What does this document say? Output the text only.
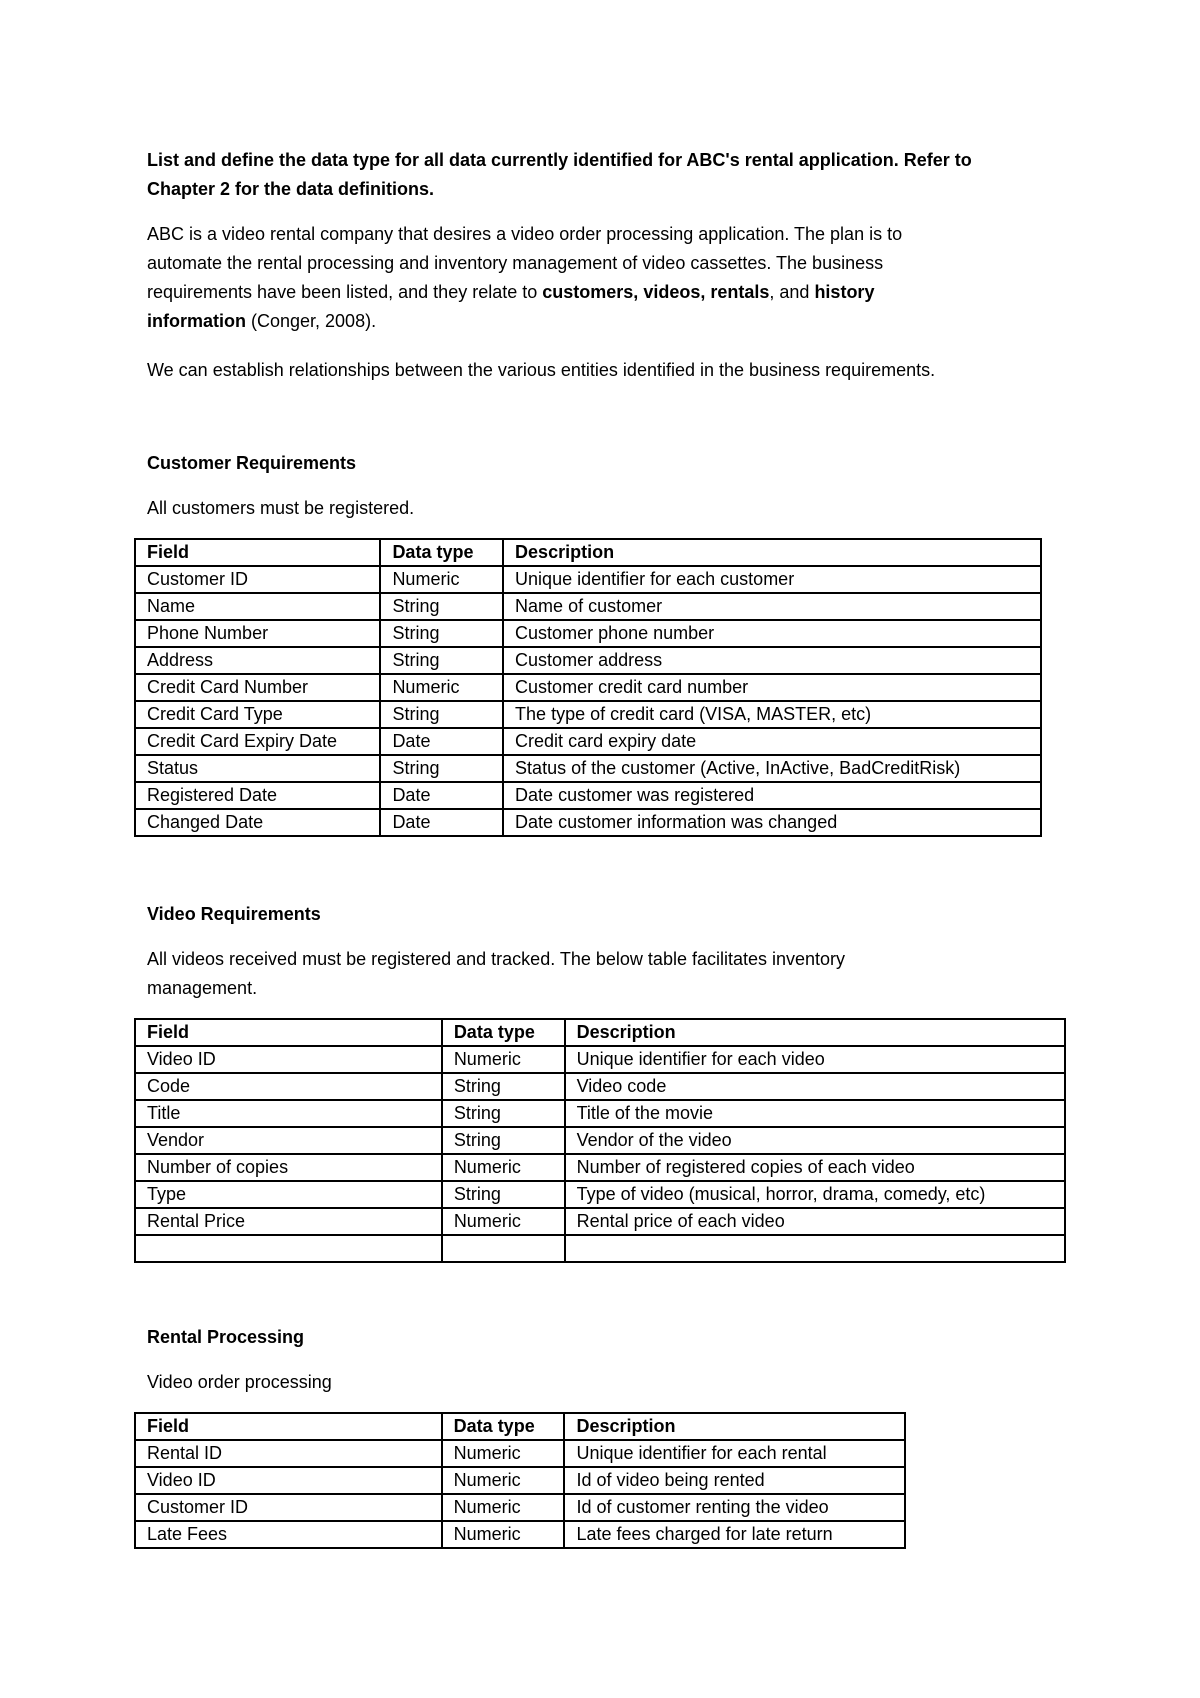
List and define the data type for all data currently identified for ABC's rental application. Refer to
Chapter 2 for the data definitions.

ABC is a video rental company that desires a video order processing application. The plan is to
automate the rental processing and inventory management of video cassettes. The business
requirements have been listed, and they relate to customers, videos, rentals, and history
information (Conger, 2008).

We can establish relationships between the various entities identified in the business requirements.

Customer Requirements

All customers must be registered.

Field	Data type	Description
Customer ID	Numeric	Unique identifier for each customer
Name	String	Name of customer
Phone Number	String	Customer phone number
Address	String	Customer address
Credit Card Number	Numeric	Customer credit card number
Credit Card Type	String	The type of credit card (VISA, MASTER, etc)
Credit Card Expiry Date	Date	Credit card expiry date
Status	String	Status of the customer (Active, InActive, BadCreditRisk)
Registered Date	Date	Date customer was registered
Changed Date	Date	Date customer information was changed

Video Requirements

All videos received must be registered and tracked. The below table facilitates inventory
management.

Field	Data type	Description
Video ID	Numeric	Unique identifier for each video
Code	String	Video code
Title	String	Title of the movie
Vendor	String	Vendor of the video
Number of copies	Numeric	Number of registered copies of each video
Type	String	Type of video (musical, horror, drama, comedy, etc)
Rental Price	Numeric	Rental price of each video

Rental Processing

Video order processing

Field	Data type	Description
Rental ID	Numeric	Unique identifier for each rental
Video ID	Numeric	Id of video being rented
Customer ID	Numeric	Id of customer renting the video
Late Fees	Numeric	Late fees charged for late return
